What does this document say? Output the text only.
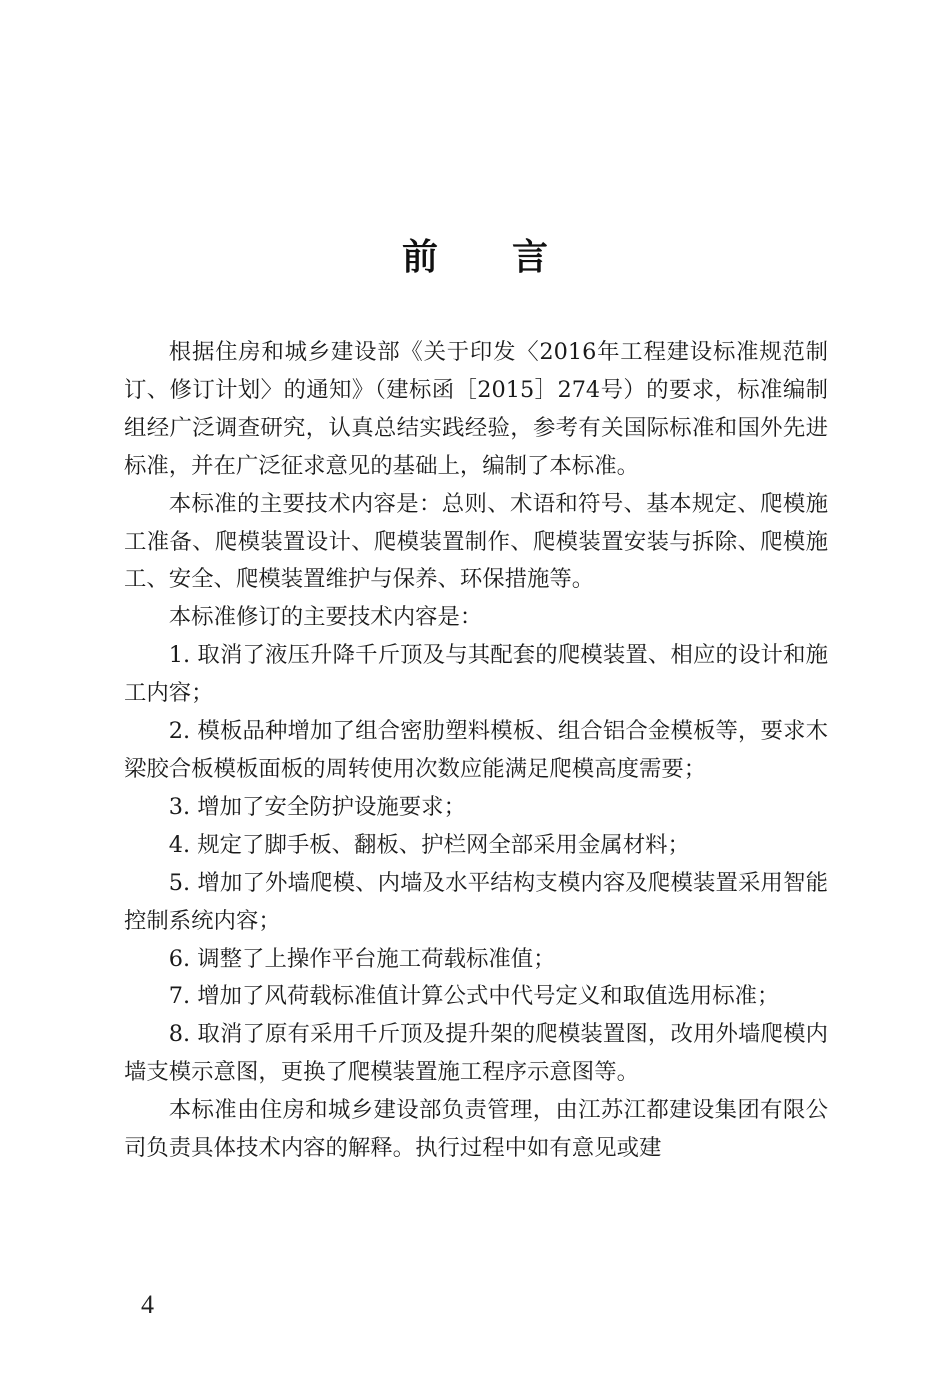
前言

根据住房和城乡建设部《关于印发〈2016年工程建设标准规范制订、修订计划〉的通知》（建标函［2015］274号）的要求，标准编制组经广泛调查研究，认真总结实践经验，参考有关国际标准和国外先进标准，并在广泛征求意见的基础上，编制了本标准。

本标准的主要技术内容是：总则、术语和符号、基本规定、爬模施工准备、爬模装置设计、爬模装置制作、爬模装置安装与拆除、爬模施工、安全、爬模装置维护与保养、环保措施等。

本标准修订的主要技术内容是：

1. 取消了液压升降千斤顶及与其配套的爬模装置、相应的设计和施工内容；

2. 模板品种增加了组合密肋塑料模板、组合铝合金模板等，要求木梁胶合板模板面板的周转使用次数应能满足爬模高度需要；

3. 增加了安全防护设施要求；

4. 规定了脚手板、翻板、护栏网全部采用金属材料；

5. 增加了外墙爬模、内墙及水平结构支模内容及爬模装置采用智能控制系统内容；

6. 调整了上操作平台施工荷载标准值；

7. 增加了风荷载标准值计算公式中代号定义和取值选用标准；

8. 取消了原有采用千斤顶及提升架的爬模装置图，改用外墙爬模内墙支模示意图，更换了爬模装置施工程序示意图等。

本标准由住房和城乡建设部负责管理，由江苏江都建设集团有限公司负责具体技术内容的解释。执行过程中如有意见或建

4
